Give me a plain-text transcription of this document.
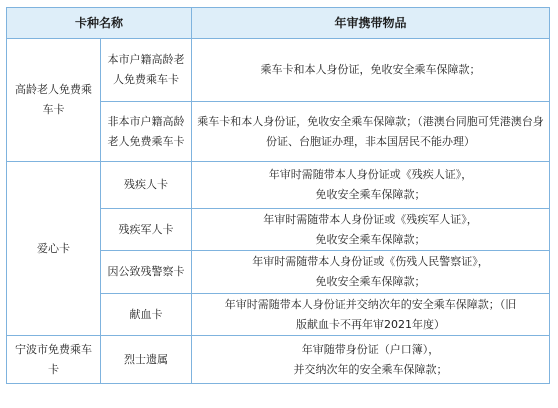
卡种名称		年审携带物品
高龄老人免费乘车卡	本市户籍高龄老人免费乘车卡	乘车卡和本人身份证，免收安全乘车保障款；
	非本市户籍高龄老人免费乘车卡	乘车卡和本人身份证，免收安全乘车保障款；（港澳台同胞可凭港澳台身份证、台胞证办理，非本国居民不能办理）
爱心卡	残疾人卡	年审时需随带本人身份证或《残疾人证》，
免收安全乘车保障款；

	残疾军人卡	年审时需随带本人身份证或《残疾军人证》，
免收安全乘车保障款；

	因公致残警察卡	年审时需随带本人身份证或《伤残人民警察证》，
免收安全乘车保障款；

	献血卡	年审时需随带本人身份证并交纳次年的安全乘车保障款；（旧
版献血卡不再年审2021年度）

宁波市免费乘车卡	烈士遗属	年审随带身份证（户口簿），
并交纳次年的安全乘车保障款；
